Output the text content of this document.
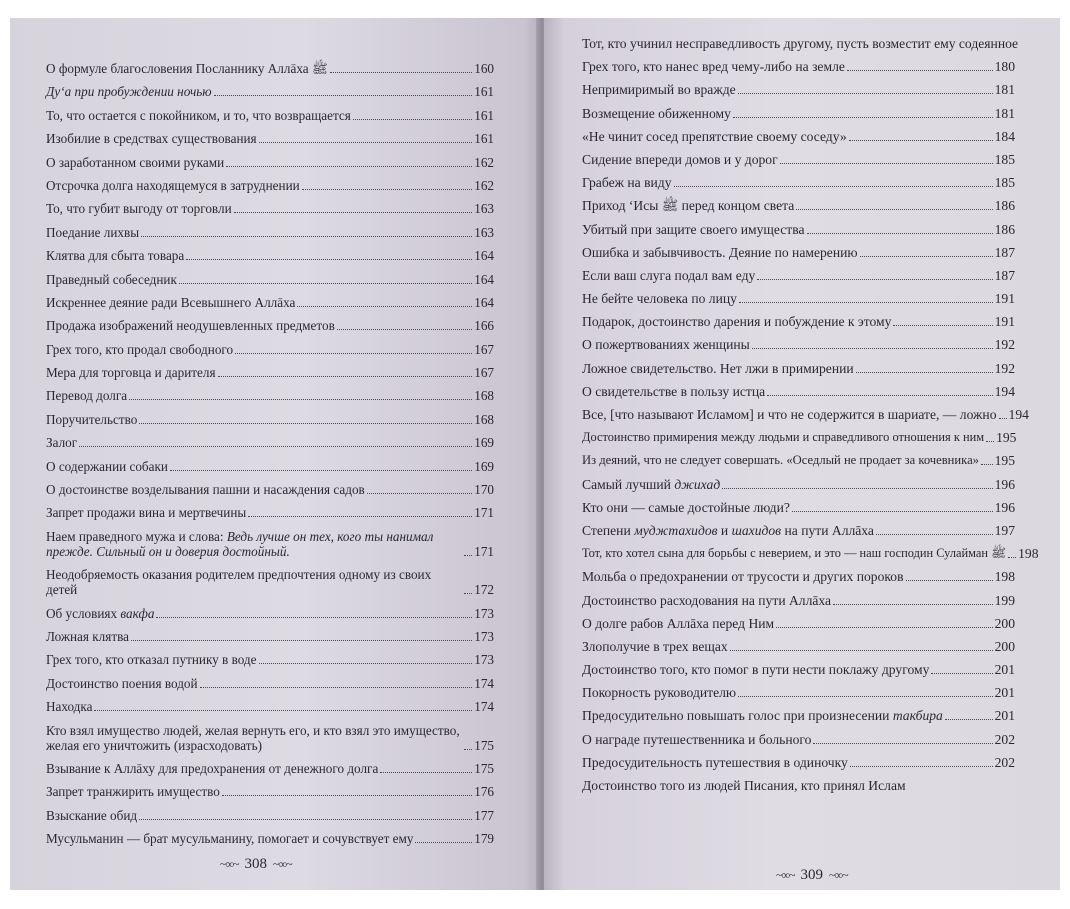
О формуле благословения Посланнику Аллāха ﷺ	160
Ду‘а при пробуждении ночью	161
То, что остается с покойником, и то, что возвращается	161
Изобилие в средствах существования	161
О заработанном своими руками	162
Отсрочка долга находящемуся в затруднении	162
То, что губит выгоду от торговли	163
Поедание лихвы	163
Клятва для сбыта товара	164
Праведный собеседник	164
Искреннее деяние ради Всевышнего Аллāха	164
Продажа изображений неодушевленных предметов	166
Грех того, кто продал свободного	167
Мера для торговца и дарителя	167
Перевод долга	168
Поручительство	168
Залог	169
О содержании собаки	169
О достоинстве возделывания пашни и насаждения садов	170
Запрет продажи вина и мертвечины	171
Наем праведного мужа и слова: Ведь лучше он тех, кого ты нанимал прежде. Сильный он и доверия достойный.	171
Неодобряемость оказания родителем предпочтения одному из своих детей	172
Об условиях вакфа	173
Ложная клятва	173
Грех того, кто отказал путнику в воде	173
Достоинство поения водой	174
Находка	174
Кто взял имущество людей, желая вернуть его, и кто взял это имущество, желая его уничтожить (израсходовать)	175
Взывание к Аллāху для предохранения от денежного долга	175
Запрет транжирить имущество	176
Взыскание обид	177
Мусульманин — брат мусульманину, помогает и сочувствует ему	179
~∞~ 308 ~∞~
Тот, кто учинил несправедливость другому, пусть возместит ему содеянное
Грех того, кто нанес вред чему-либо на земле	180
Непримиримый во вражде	181
Возмещение обиженному	181
«Не чинит сосед препятствие своему соседу»	184
Сидение впереди домов и у дорог	185
Грабеж на виду	185
Приход ‘Исы ﷺ перед концом света	186
Убитый при защите своего имущества	186
Ошибка и забывчивость. Деяние по намерению	187
Если ваш слуга подал вам еду	187
Не бейте человека по лицу	191
Подарок, достоинство дарения и побуждение к этому	191
О пожертвованиях женщины	192
Ложное свидетельство. Нет лжи в примирении	192
О свидетельстве в пользу истца	194
Все, [что называют Исламом] и что не содержится в шариате, — ложно 194
Достоинство примирения между людьми и справедливого отношения к ним 195
Из деяний, что не следует совершать. «Оседлый не продает за кочевника» 195
Самый лучший джихад	196
Кто они — самые достойные люди?	196
Степени муджтахидов и шахидов на пути Аллāха	197
Тот, кто хотел сына для борьбы с неверием, и это — наш господин Сулайман ﷺ 198
Мольба о предохранении от трусости и других пороков	198
Достоинство расходования на пути Аллāха	199
О долге рабов Аллāха перед Ним	200
Злополучие в трех вещах	200
Достоинство того, кто помог в пути нести поклажу другому	201
Покорность руководителю	201
Предосудительно повышать голос при произнесении такбира	201
О награде путешественника и больного	202
Предосудительность путешествия в одиночку	202
Достоинство того из людей Писания, кто принял Ислам
~∞~ 309 ~∞~
